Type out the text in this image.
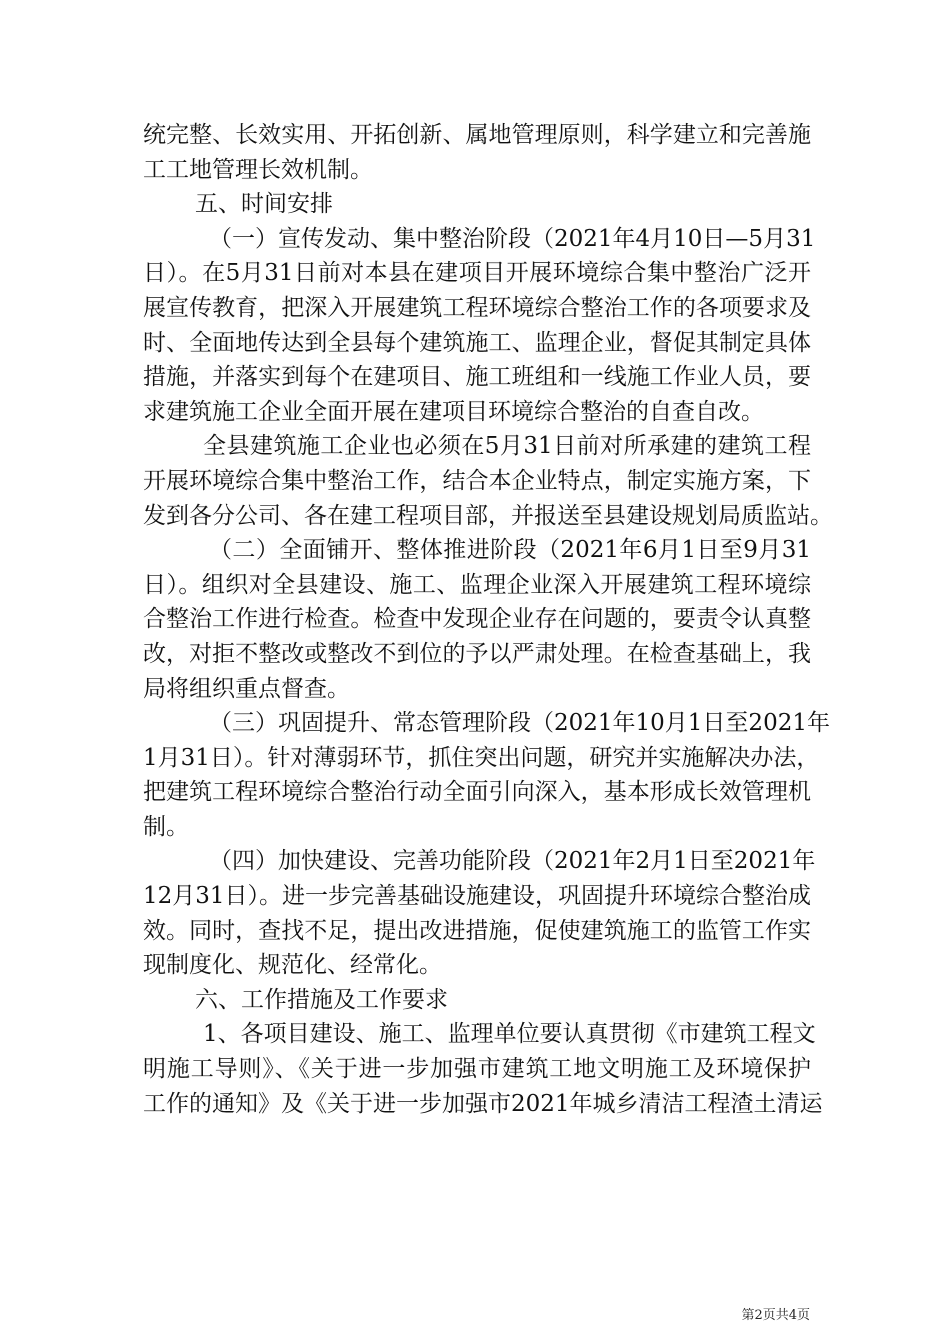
统完整、长效实用、开拓创新、属地管理原则，科学建立和完善施
工工地管理长效机制。
五、时间安排
（一）宣传发动、集中整治阶段（2021年4月10日—5月31
日）。在5月31日前对本县在建项目开展环境综合集中整治广泛开
展宣传教育，把深入开展建筑工程环境综合整治工作的各项要求及
时、全面地传达到全县每个建筑施工、监理企业，督促其制定具体
措施，并落实到每个在建项目、施工班组和一线施工作业人员，要
求建筑施工企业全面开展在建项目环境综合整治的自查自改。
全县建筑施工企业也必须在5月31日前对所承建的建筑工程
开展环境综合集中整治工作，结合本企业特点，制定实施方案，下
发到各分公司、各在建工程项目部，并报送至县建设规划局质监站。
（二）全面铺开、整体推进阶段（2021年6月1日至9月31
日）。组织对全县建设、施工、监理企业深入开展建筑工程环境综
合整治工作进行检查。检查中发现企业存在问题的，要责令认真整
改，对拒不整改或整改不到位的予以严肃处理。在检查基础上，我
局将组织重点督查。
（三）巩固提升、常态管理阶段（2021年10月1日至2021年
1月31日）。针对薄弱环节，抓住突出问题，研究并实施解决办法，
把建筑工程环境综合整治行动全面引向深入，基本形成长效管理机
制。
（四）加快建设、完善功能阶段（2021年2月1日至2021年
12月31日）。进一步完善基础设施建设，巩固提升环境综合整治成
效。同时，查找不足，提出改进措施，促使建筑施工的监管工作实
现制度化、规范化、经常化。
六、工作措施及工作要求
1、各项目建设、施工、监理单位要认真贯彻《市建筑工程文
明施工导则》、《关于进一步加强市建筑工地文明施工及环境保护
工作的通知》及《关于进一步加强市2021年城乡清洁工程渣土清运
第2页共4页
